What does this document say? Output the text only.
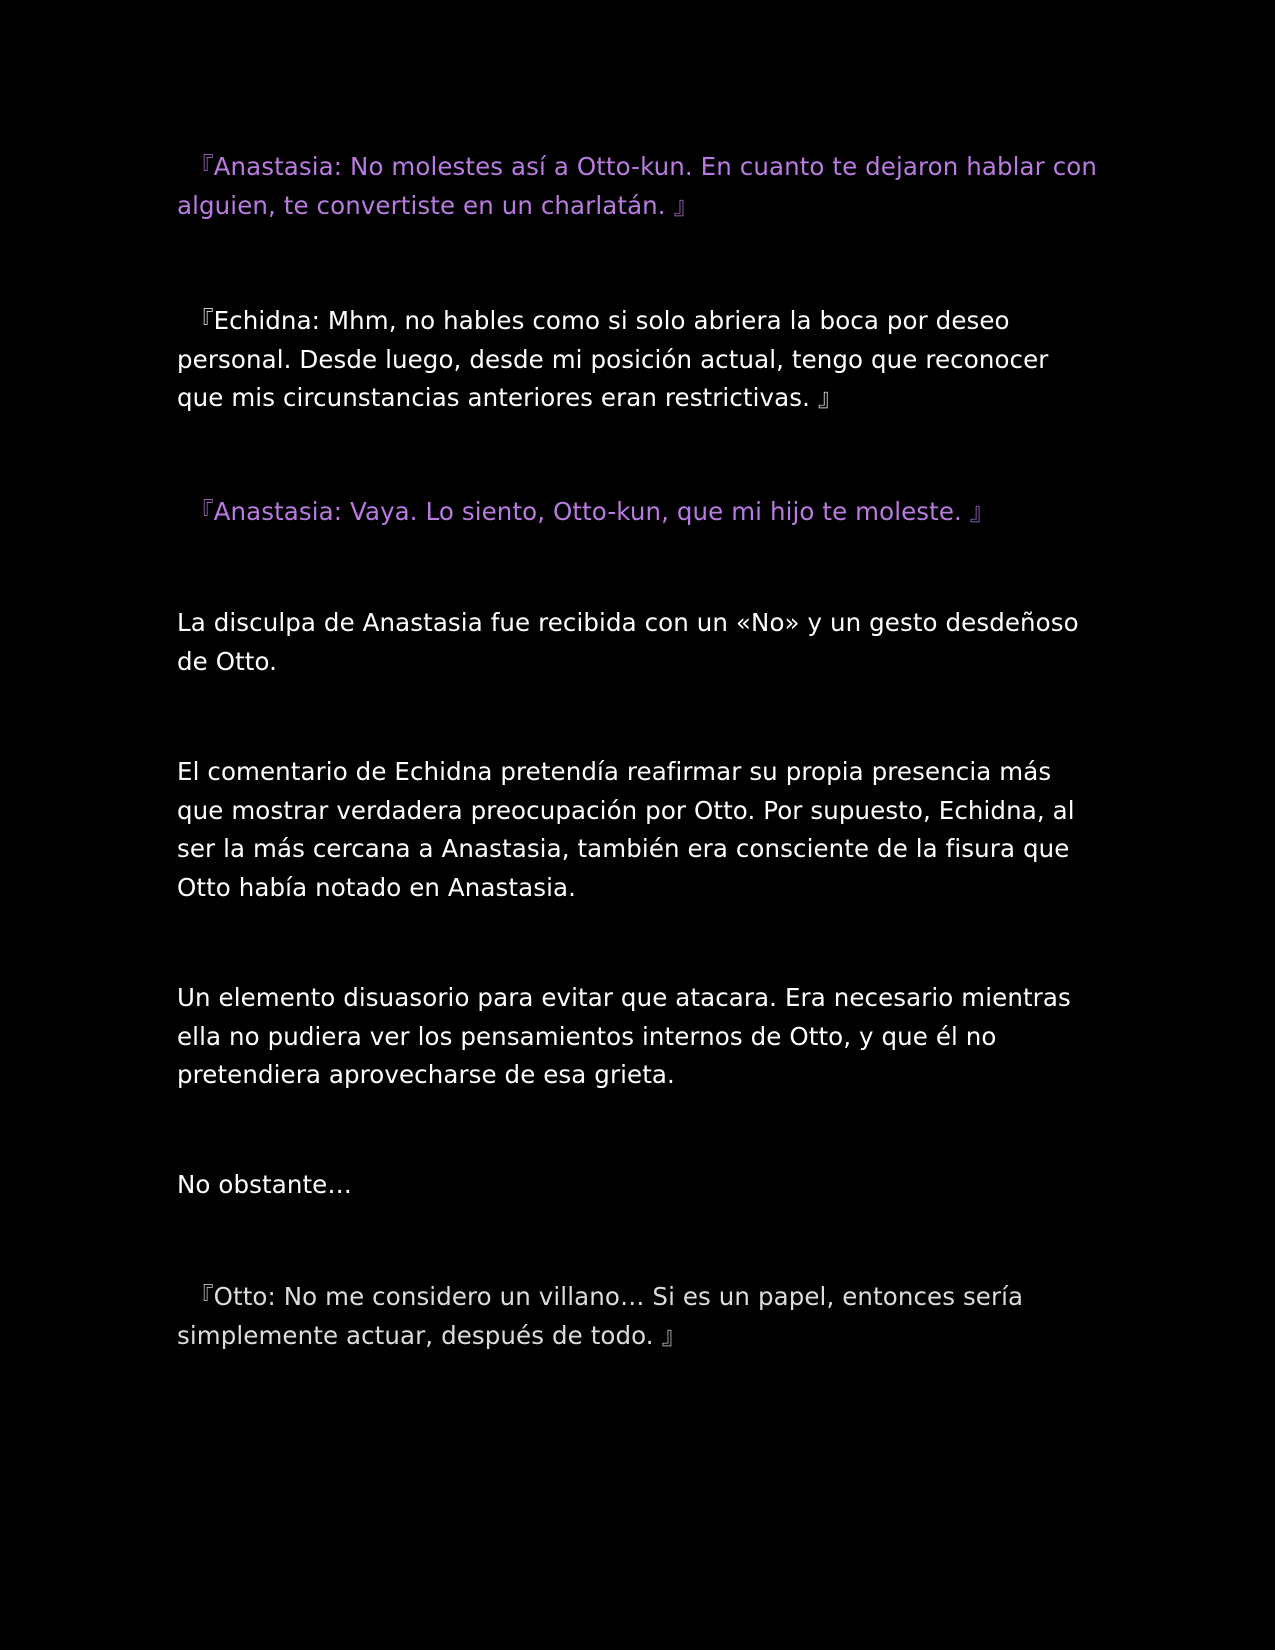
『Anastasia: No molestes así a Otto-kun. En cuanto te dejaron hablar con alguien, te convertiste en un charlatán. 』

『Echidna: Mhm, no hables como si solo abriera la boca por deseo personal. Desde luego, desde mi posición actual, tengo que reconocer que mis circunstancias anteriores eran restrictivas. 』

『Anastasia: Vaya. Lo siento, Otto-kun, que mi hijo te moleste. 』

La disculpa de Anastasia fue recibida con un «No» y un gesto desdeñoso de Otto.

El comentario de Echidna pretendía reafirmar su propia presencia más que mostrar verdadera preocupación por Otto. Por supuesto, Echidna, al ser la más cercana a Anastasia, también era consciente de la fisura que Otto había notado en Anastasia.

Un elemento disuasorio para evitar que atacara. Era necesario mientras ella no pudiera ver los pensamientos internos de Otto, y que él no pretendiera aprovecharse de esa grieta.

No obstante…

『Otto: No me considero un villano… Si es un papel, entonces sería simplemente actuar, después de todo. 』
